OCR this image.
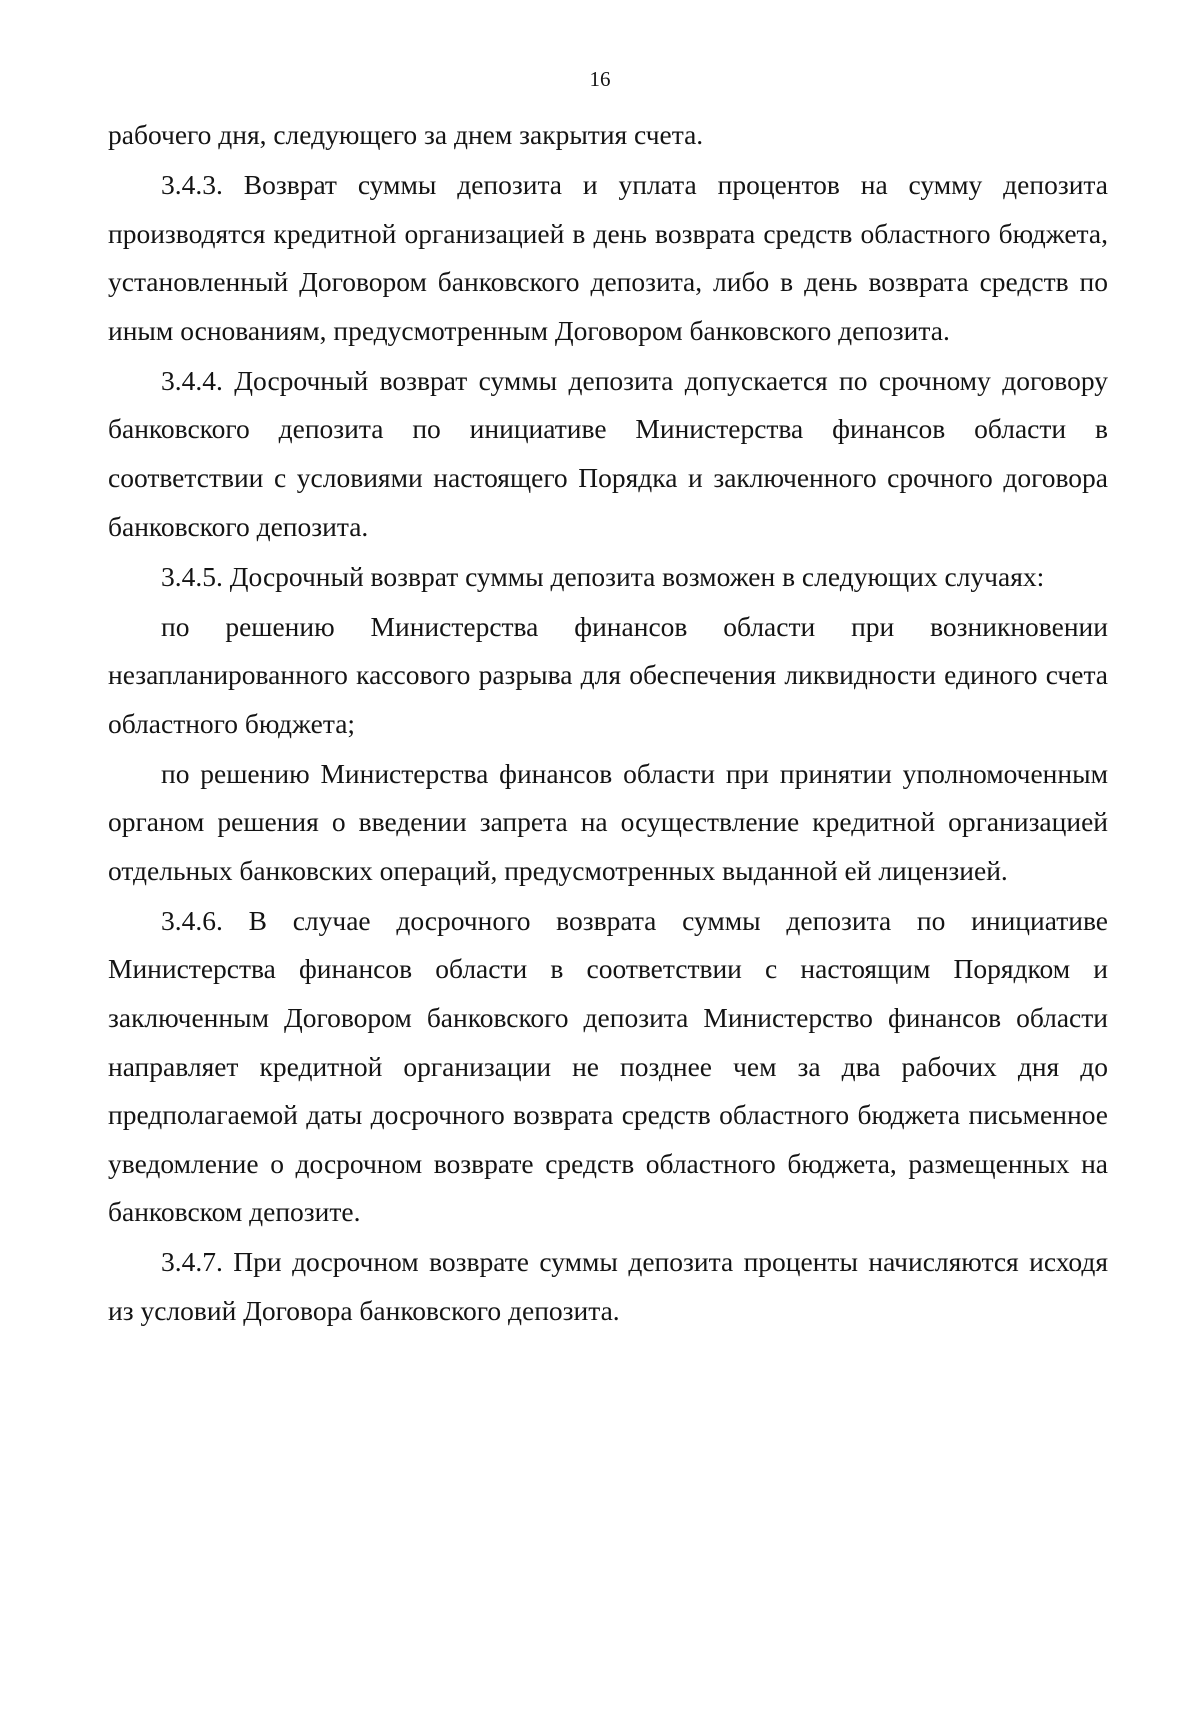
16

рабочего дня, следующего за днем закрытия счета.

3.4.3. Возврат суммы депозита и уплата процентов на сумму депозита производятся кредитной организацией в день возврата средств областного бюджета, установленный Договором банковского депозита, либо в день возврата средств по иным основаниям, предусмотренным Договором банковского депозита.

3.4.4. Досрочный возврат суммы депозита допускается по срочному договору банковского депозита по инициативе Министерства финансов области в соответствии с условиями настоящего Порядка и заключенного срочного договора банковского депозита.

3.4.5. Досрочный возврат суммы депозита возможен в следующих случаях:

по решению Министерства финансов области при возникновении незапланированного кассового разрыва для обеспечения ликвидности единого счета областного бюджета;

по решению Министерства финансов области при принятии уполномоченным органом решения о введении запрета на осуществление кредитной организацией отдельных банковских операций, предусмотренных выданной ей лицензией.

3.4.6. В случае досрочного возврата суммы депозита по инициативе Министерства финансов области в соответствии с настоящим Порядком и заключенным Договором банковского депозита Министерство финансов области направляет кредитной организации не позднее чем за два рабочих дня до предполагаемой даты досрочного возврата средств областного бюджета письменное уведомление о досрочном возврате средств областного бюджета, размещенных на банковском депозите.

3.4.7. При досрочном возврате суммы депозита проценты начисляются исходя из условий Договора банковского депозита.
